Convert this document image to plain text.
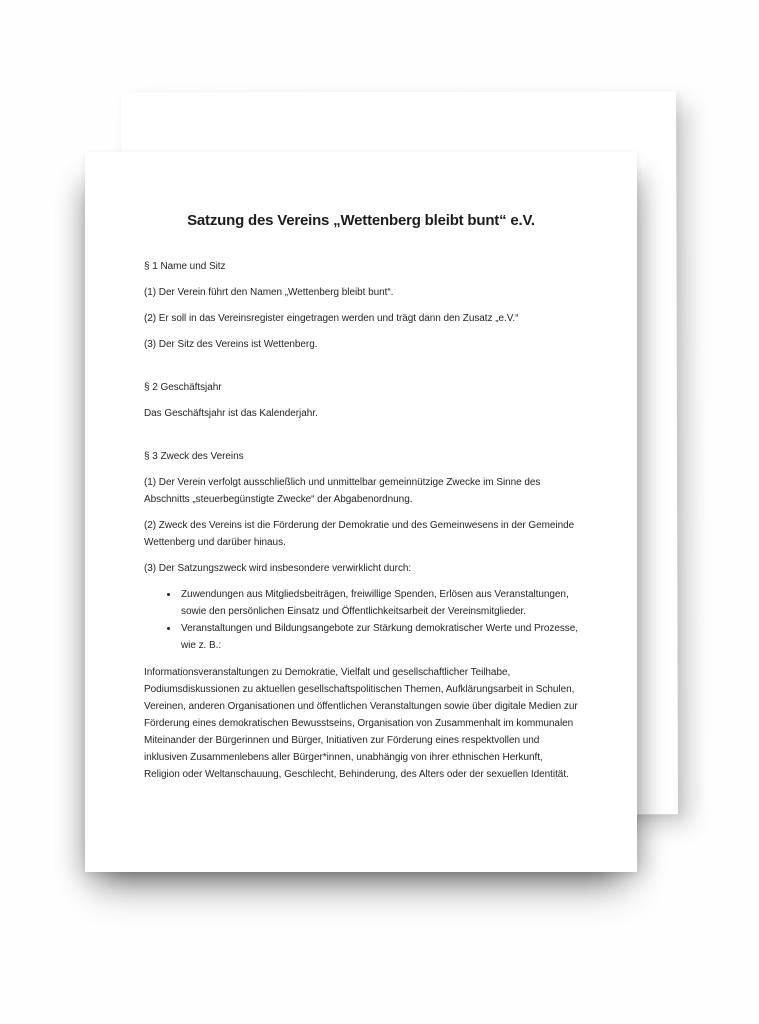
Satzung des Vereins „Wettenberg bleibt bunt“ e.V.
§ 1 Name und Sitz

(1) Der Verein führt den Namen „Wettenberg bleibt bunt“.

(2) Er soll in das Vereinsregister eingetragen werden und trägt dann den Zusatz „e.V.“

(3) Der Sitz des Vereins ist Wettenberg.

§ 2 Geschäftsjahr

Das Geschäftsjahr ist das Kalenderjahr.

§ 3 Zweck des Vereins

(1) Der Verein verfolgt ausschließlich und unmittelbar gemeinnützige Zwecke im Sinne des Abschnitts „steuerbegünstigte Zwecke“ der Abgabenordnung.

(2) Zweck des Vereins ist die Förderung der Demokratie und des Gemeinwesens in der Gemeinde Wettenberg und darüber hinaus.

(3) Der Satzungszweck wird insbesondere verwirklicht durch:

• Zuwendungen aus Mitgliedsbeiträgen, freiwillige Spenden, Erlösen aus Veranstaltungen, sowie den persönlichen Einsatz und Öffentlichkeitsarbeit der Vereinsmitglieder.
• Veranstaltungen und Bildungsangebote zur Stärkung demokratischer Werte und Prozesse, wie z. B.:

Informationsveranstaltungen zu Demokratie, Vielfalt und gesellschaftlicher Teilhabe, Podiumsdiskussionen zu aktuellen gesellschaftspolitischen Themen, Aufklärungsarbeit in Schulen, Vereinen, anderen Organisationen und öffentlichen Veranstaltungen sowie über digitale Medien zur Förderung eines demokratischen Bewusstseins, Organisation von Zusammenhalt im kommunalen Miteinander der Bürgerinnen und Bürger, Initiativen zur Förderung eines respektvollen und inklusiven Zusammenlebens aller Bürger*innen, unabhängig von ihrer ethnischen Herkunft, Religion oder Weltanschauung, Geschlecht, Behinderung, des Alters oder der sexuellen Identität.
